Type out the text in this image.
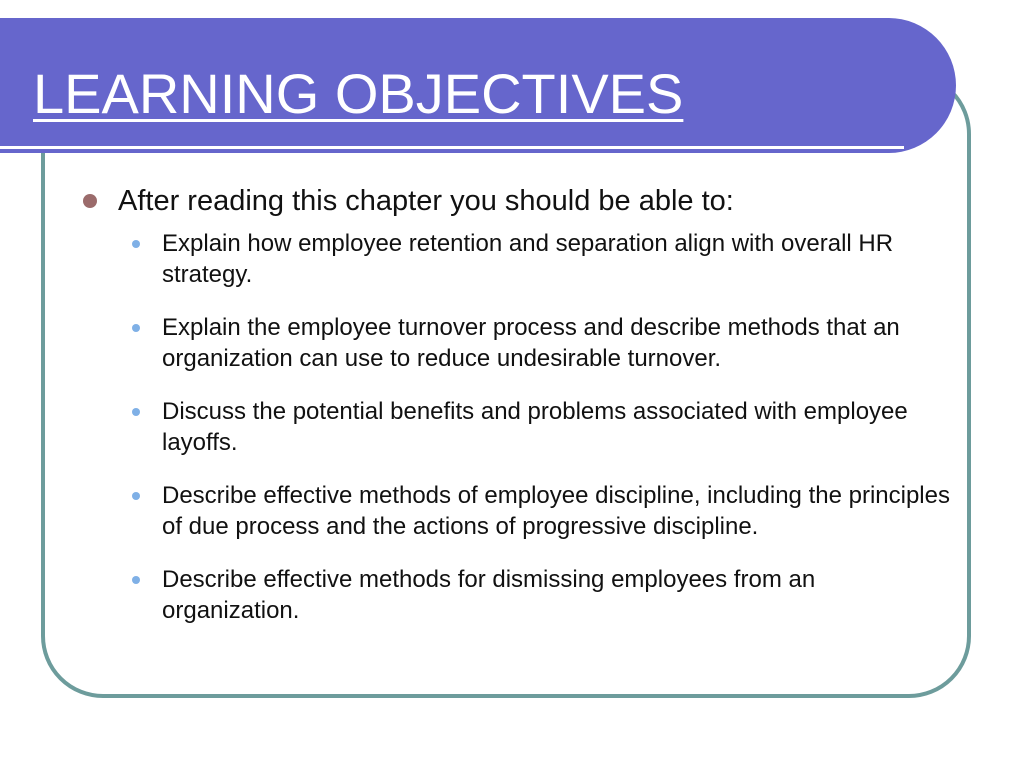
LEARNING OBJECTIVES
After reading this chapter you should be able to:
Explain how employee retention and separation align with overall HR strategy.
Explain the employee turnover process and describe methods that an organization can use to reduce undesirable turnover.
Discuss the potential benefits and problems associated with employee layoffs.
Describe effective methods of employee discipline, including the principles of due process and the actions of progressive discipline.
Describe effective methods for dismissing employees from an organization.
